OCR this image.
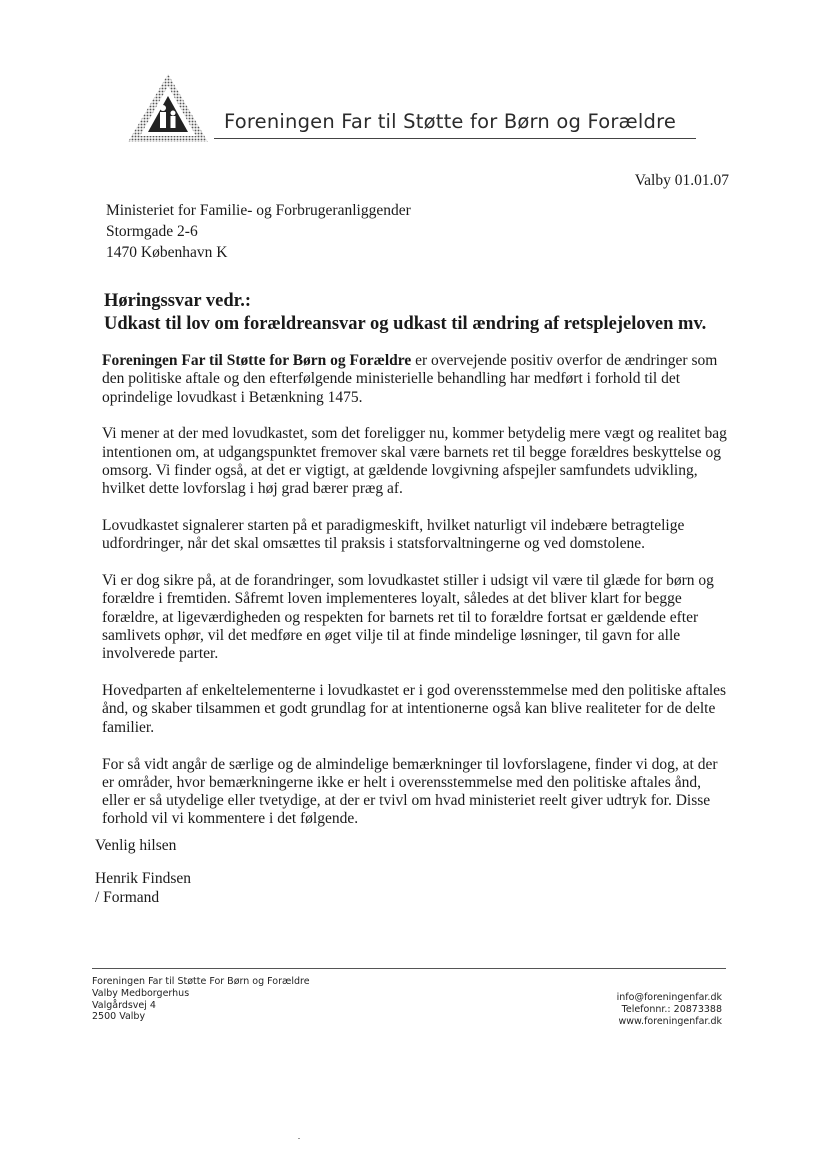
Foreningen Far til Støtte for Børn og Forældre
Valby 01.01.07
Ministeriet for Familie- og Forbrugeranliggender
Stormgade 2-6
1470 København K
Høringssvar vedr.:
Udkast til lov om forældreansvar og udkast til ændring af retsplejeloven mv.

Foreningen Far til Støtte for Børn og Forældre er overvejende positiv overfor de ændringer som den politiske aftale og den efterfølgende ministerielle behandling har medført i forhold til det oprindelige lovudkast i Betænkning 1475.

Vi mener at der med lovudkastet, som det foreligger nu, kommer betydelig mere vægt og realitet bag intentionen om, at udgangspunktet fremover skal være barnets ret til begge forældres beskyttelse og omsorg. Vi finder også, at det er vigtigt, at gældende lovgivning afspejler samfundets udvikling, hvilket dette lovforslag i høj grad bærer præg af.

Lovudkastet signalerer starten på et paradigmeskift, hvilket naturligt vil indebære betragtelige udfordringer, når det skal omsættes til praksis i statsforvaltningerne og ved domstolene.

Vi er dog sikre på, at de forandringer, som lovudkastet stiller i udsigt vil være til glæde for børn og forældre i fremtiden. Såfremt loven implementeres loyalt, således at det bliver klart for begge forældre, at ligeværdigheden og respekten for barnets ret til to forældre fortsat er gældende efter samlivets ophør, vil det medføre en øget vilje til at finde mindelige løsninger, til gavn for alle involverede parter.

Hovedparten af enkeltelementerne i lovudkastet er i god overensstemmelse med den politiske aftales ånd, og skaber tilsammen et godt grundlag for at intentionerne også kan blive realiteter for de delte familier.

For så vidt angår de særlige og de almindelige bemærkninger til lovforslagene, finder vi dog, at der er områder, hvor bemærkningerne ikke er helt i overensstemmelse med den politiske aftales ånd, eller er så utydelige eller tvetydige, at der er tvivl om hvad ministeriet reelt giver udtryk for. Disse forhold vil vi kommentere i det følgende.

Venlig hilsen
Henrik Findsen
/ Formand
Foreningen Far til Støtte For Børn og Forældre
Valby Medborgerhus
Valgårdsvej 4
2500 Valby
info@foreningenfar.dk
Telefonnr.: 20873388
www.foreningenfar.dk
